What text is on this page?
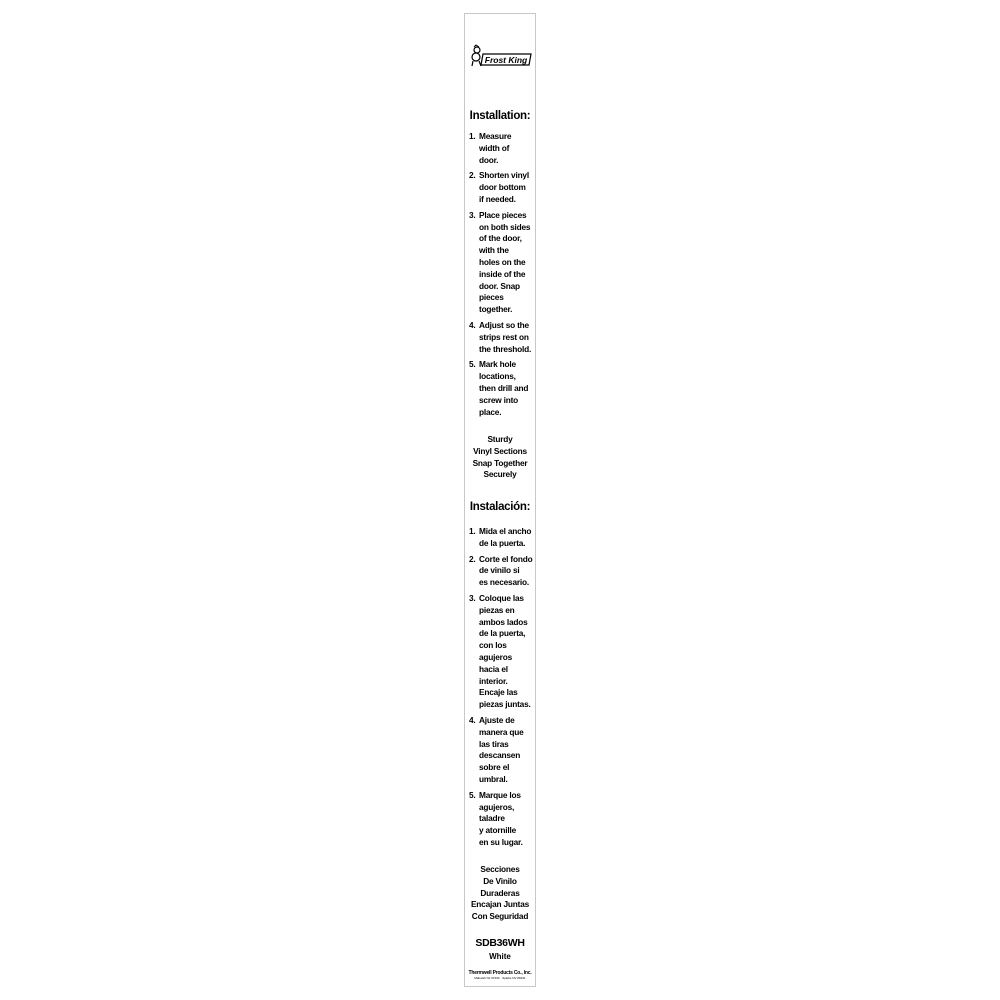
Frost King
Installation:
1. Measure
width of
door.
2. Shorten vinyl
door bottom
if needed.
3. Place pieces
on both sides
of the door,
with the
holes on the
inside of the
door. Snap
pieces
together.
4. Adjust so the
strips rest on
the threshold.
5. Mark hole
locations,
then drill and
screw into
place.
Sturdy
Vinyl Sections
Snap Together
Securely
Instalación:
1. Mida el ancho
de la puerta.
2. Corte el fondo
de vinilo si
es necesario.
3. Coloque las
piezas en
ambos lados
de la puerta,
con los
agujeros
hacia el
interior.
Encaje las
piezas juntas.
4. Ajuste de
manera que
las tiras
descansen
sobre el
umbral.
5. Marque los
agujeros,
taladre
y atornille
en su lugar.
Secciones
De Vinilo
Duraderas
Encajan Juntas
Con Seguridad
SDB36WH
White
Thermwell Products Co., Inc.
Mahwah NJ 07430 · Sparks NV 89431
